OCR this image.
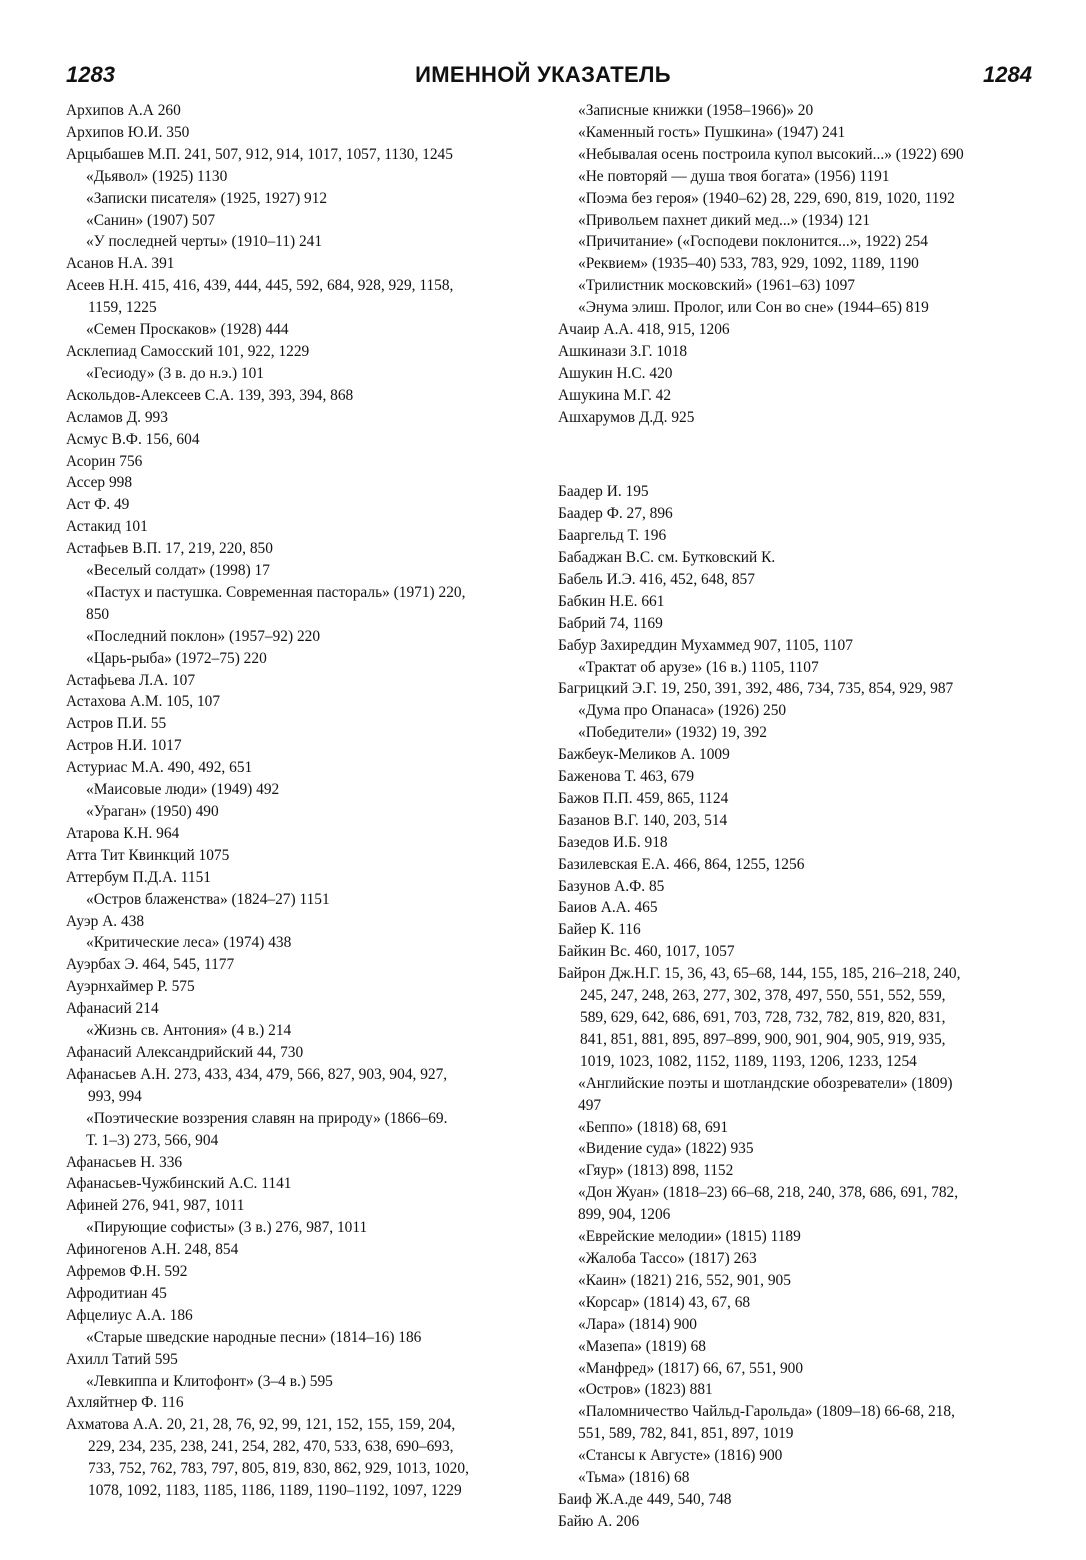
1283	ИМЕННОЙ УКАЗАТЕЛЬ	1284

Архипов А.А 260

Архипов Ю.И. 350

Арцыбашев М.П. 241, 507, 912, 914, 1017, 1057, 1130, 1245

«Дьявол» (1925) 1130

«Записки писателя» (1925, 1927) 912

«Санин» (1907) 507

«У последней черты» (1910–11) 241

Асанов Н.А. 391

Асеев Н.Н. 415, 416, 439, 444, 445, 592, 684, 928, 929, 1158,

1159, 1225

«Семен Проскаков» (1928) 444

Асклепиад Самосский 101, 922, 1229

«Гесиоду» (3 в. до н.э.) 101

Аскольдов-Алексеев С.А. 139, 393, 394, 868

Асламов Д. 993

Асмус В.Ф. 156, 604

Асорин 756

Ассер 998

Аст Ф. 49

Астакид 101

Астафьев В.П. 17, 219, 220, 850

«Веселый солдат» (1998) 17

«Пастух и пастушка. Современная пастораль» (1971) 220,

850

«Последний поклон» (1957–92) 220

«Царь-рыба» (1972–75) 220

Астафьева Л.А. 107

Астахова А.М. 105, 107

Астров П.И. 55

Астров Н.И. 1017

Астуриас М.А. 490, 492, 651

«Маисовые люди» (1949) 492

«Ураган» (1950) 490

Атарова К.Н. 964

Атта Тит Квинкций 1075

Аттербум П.Д.А. 1151

«Остров блаженства» (1824–27) 1151

Ауэр А. 438

«Критические леса» (1974) 438

Ауэрбах Э. 464, 545, 1177

Ауэрнхаймер Р. 575

Афанасий 214

«Жизнь св. Антония» (4 в.) 214

Афанасий Александрийский 44, 730

Афанасьев А.Н. 273, 433, 434, 479, 566, 827, 903, 904, 927,

993, 994

«Поэтические воззрения славян на природу» (1866–69.

Т. 1–3) 273, 566, 904

Афанасьев Н. 336

Афанасьев-Чужбинский А.С. 1141

Афиней 276, 941, 987, 1011

«Пирующие софисты» (3 в.) 276, 987, 1011

Афиногенов А.Н. 248, 854

Афремов Ф.Н. 592

Афродитиан 45

Афцелиус А.А. 186

«Старые шведские народные песни» (1814–16) 186

Ахилл Татий 595

«Левкиппа и Клитофонт» (3–4 в.) 595

Ахляйтнер Ф. 116

Ахматова А.А. 20, 21, 28, 76, 92, 99, 121, 152, 155, 159, 204,

229, 234, 235, 238, 241, 254, 282, 470, 533, 638, 690–693,

733, 752, 762, 783, 797, 805, 819, 830, 862, 929, 1013, 1020,

1078, 1092, 1183, 1185, 1186, 1189, 1190–1192, 1097, 1229

«Записные книжки (1958–1966)» 20

«Каменный гость» Пушкина» (1947) 241

«Небывалая осень построила купол высокий...» (1922) 690

«Не повторяй — душа твоя богата» (1956) 1191

«Поэма без героя» (1940–62) 28, 229, 690, 819, 1020, 1192

«Привольем пахнет дикий мед...» (1934) 121

«Причитание» («Господеви поклонится...», 1922) 254

«Реквием» (1935–40) 533, 783, 929, 1092, 1189, 1190

«Трилистник московский» (1961–63) 1097

«Энума элиш. Пролог, или Сон во сне» (1944–65) 819

Ачаир А.А. 418, 915, 1206

Ашкинази З.Г. 1018

Ашукин Н.С. 420

Ашукина М.Г. 42

Ашхарумов Д.Д. 925

Баадер И. 195

Баадер Ф. 27, 896

Бааргельд Т. 196

Бабаджан В.С. см. Бутковский К.

Бабель И.Э. 416, 452, 648, 857

Бабкин Н.Е. 661

Бабрий 74, 1169

Бабур Захиреддин Мухаммед 907, 1105, 1107

«Трактат об арузе» (16 в.) 1105, 1107

Багрицкий Э.Г. 19, 250, 391, 392, 486, 734, 735, 854, 929, 987

«Дума про Опанаса» (1926) 250

«Победители» (1932) 19, 392

Бажбеук-Меликов А. 1009

Баженова Т. 463, 679

Бажов П.П. 459, 865, 1124

Базанов В.Г. 140, 203, 514

Базедов И.Б. 918

Базилевская Е.А. 466, 864, 1255, 1256

Базунов А.Ф. 85

Баиов А.А. 465

Байер К. 116

Байкин Вс. 460, 1017, 1057

Байрон Дж.Н.Г. 15, 36, 43, 65–68, 144, 155, 185, 216–218, 240,

245, 247, 248, 263, 277, 302, 378, 497, 550, 551, 552, 559,

589, 629, 642, 686, 691, 703, 728, 732, 782, 819, 820, 831,

841, 851, 881, 895, 897–899, 900, 901, 904, 905, 919, 935,

1019, 1023, 1082, 1152, 1189, 1193, 1206, 1233, 1254

«Английские поэты и шотландские обозреватели» (1809)

497

«Беппо» (1818) 68, 691

«Видение суда» (1822) 935

«Гяур» (1813) 898, 1152

«Дон Жуан» (1818–23) 66–68, 218, 240, 378, 686, 691, 782,

899, 904, 1206

«Еврейские мелодии» (1815) 1189

«Жалоба Тассо» (1817) 263

«Каин» (1821) 216, 552, 901, 905

«Корсар» (1814) 43, 67, 68

«Лара» (1814) 900

«Мазепа» (1819) 68

«Манфред» (1817) 66, 67, 551, 900

«Остров» (1823) 881

«Паломничество Чайльд-Гарольда» (1809–18) 66-68, 218,

551, 589, 782, 841, 851, 897, 1019

«Стансы к Августе» (1816) 900

«Тьма» (1816) 68

Баиф Ж.А.де 449, 540, 748

Байю А. 206
